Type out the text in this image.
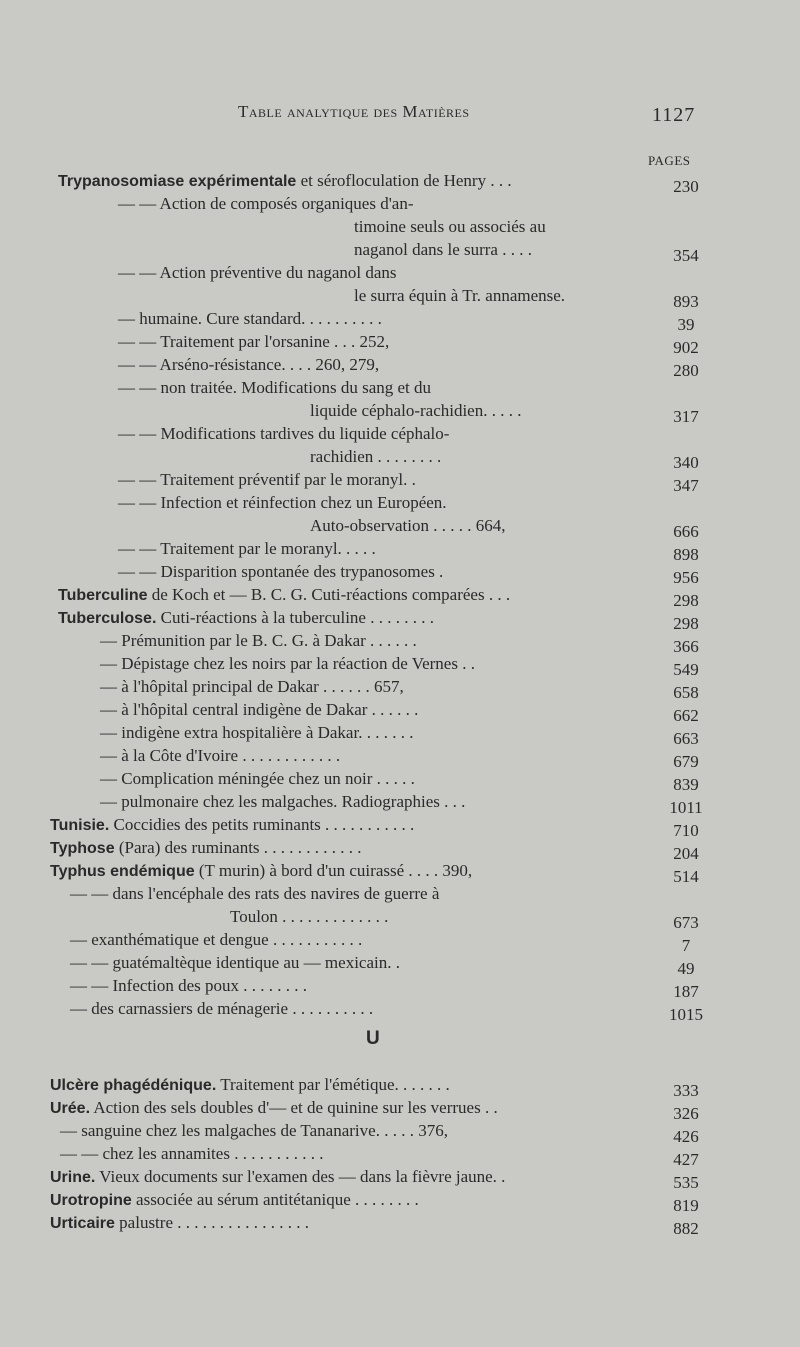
Table analytique des Matières	1127
PAGES
Trypanosomiase expérimentale et sérofloculation de Henry . . .	230
— — Action de composés organiques d'an-
timoine seuls ou associés au
naganol dans le surra . . . .	354
— — Action préventive du naganol dans
le surra équin à Tr. annamense.	893
— humaine. Cure standard. . . . . . . . . .	39
— — Traitement par l'orsanine . . . 252,	902
— — Arséno-résistance. . . . 260, 279,	280
— — non traitée. Modifications du sang et du
liquide céphalo-rachidien. . . . .	317
— — Modifications tardives du liquide céphalo-
rachidien . . . . . . . .	340
— — Traitement préventif par le moranyl. .	347
— — Infection et réinfection chez un Européen.
Auto-observation . . . . . 664,	666
— — Traitement par le moranyl. . . . .	898
— — Disparition spontanée des trypanosomes .	956
Tuberculine de Koch et — B. C. G. Cuti-réactions comparées . . .	298
Tuberculose. Cuti-réactions à la tuberculine . . . . . . . .	298
— Prémunition par le B. C. G. à Dakar . . . . . .	366
— Dépistage chez les noirs par la réaction de Vernes . .	549
— à l'hôpital principal de Dakar . . . . . . 657,	658
— à l'hôpital central indigène de Dakar . . . . . .	662
— indigène extra hospitalière à Dakar. . . . . . .	663
— à la Côte d'Ivoire . . . . . . . . . . . .	679
— Complication méningée chez un noir . . . . .	839
— pulmonaire chez les malgaches. Radiographies . . .	1011
Tunisie. Coccidies des petits ruminants . . . . . . . . . . .	710
Typhose (Para) des ruminants . . . . . . . . . . . .	204
Typhus endémique (T murin) à bord d'un cuirassé . . . . 390,	514
— — dans l'encéphale des rats des navires de guerre à
Toulon . . . . . . . . . . . . .	673
— exanthématique et dengue . . . . . . . . . . .	7
— — guatémaltèque identique au — mexicain. .	49
— — Infection des poux . . . . . . . .	187
— des carnassiers de ménagerie . . . . . . . . . .	1015
U
Ulcère phagédénique. Traitement par l'émétique. . . . . . .	333
Urée. Action des sels doubles d'— et de quinine sur les verrues . .	326
— sanguine chez les malgaches de Tananarive. . . . . 376,	426
— — chez les annamites . . . . . . . . . . .	427
Urine. Vieux documents sur l'examen des — dans la fièvre jaune. .	535
Urotropine associée au sérum antitétanique . . . . . . . .	819
Urticaire palustre . . . . . . . . . . . . . . . .	882
